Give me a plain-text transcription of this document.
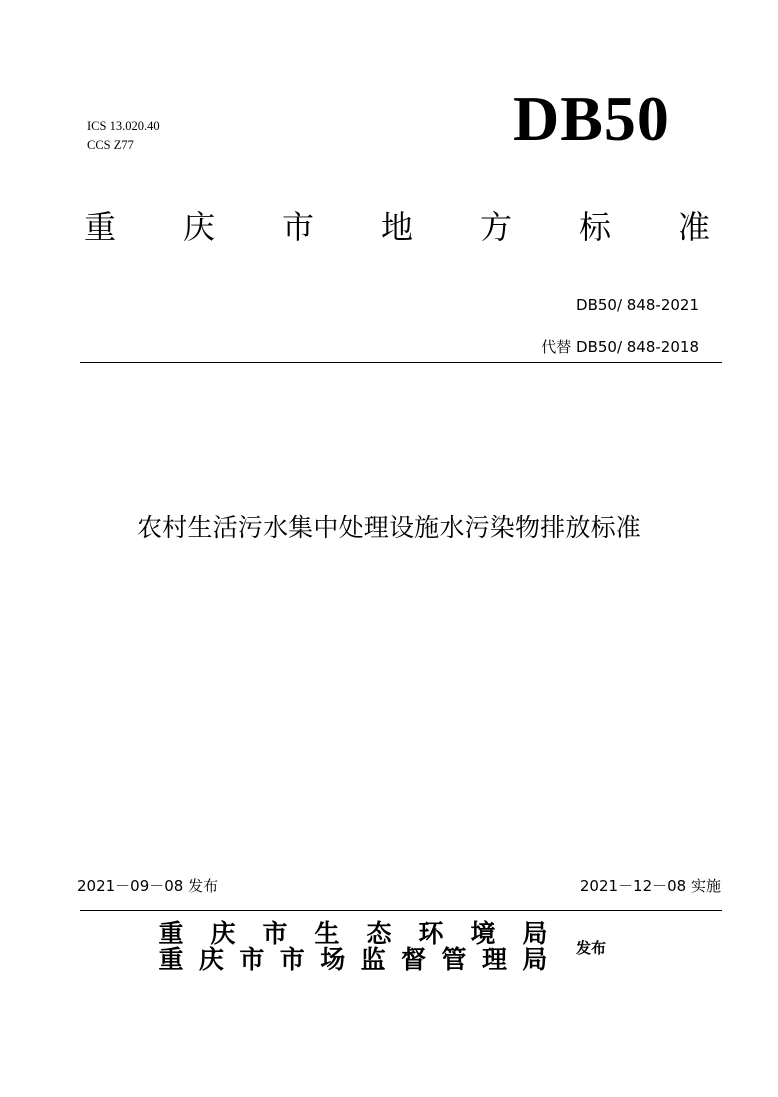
ICS 13.020.40
CCS Z77	DB50
重 庆 市 地 方 标 准
DB50/ 848-2021
代替 DB50/ 848-2018
农村生活污水集中处理设施水污染物排放标准
2021－09－08 发布	2021－12－08 实施
重 庆 市 生 态 环 境 局
重 庆 市 市 场 监 督 管 理 局 发布
